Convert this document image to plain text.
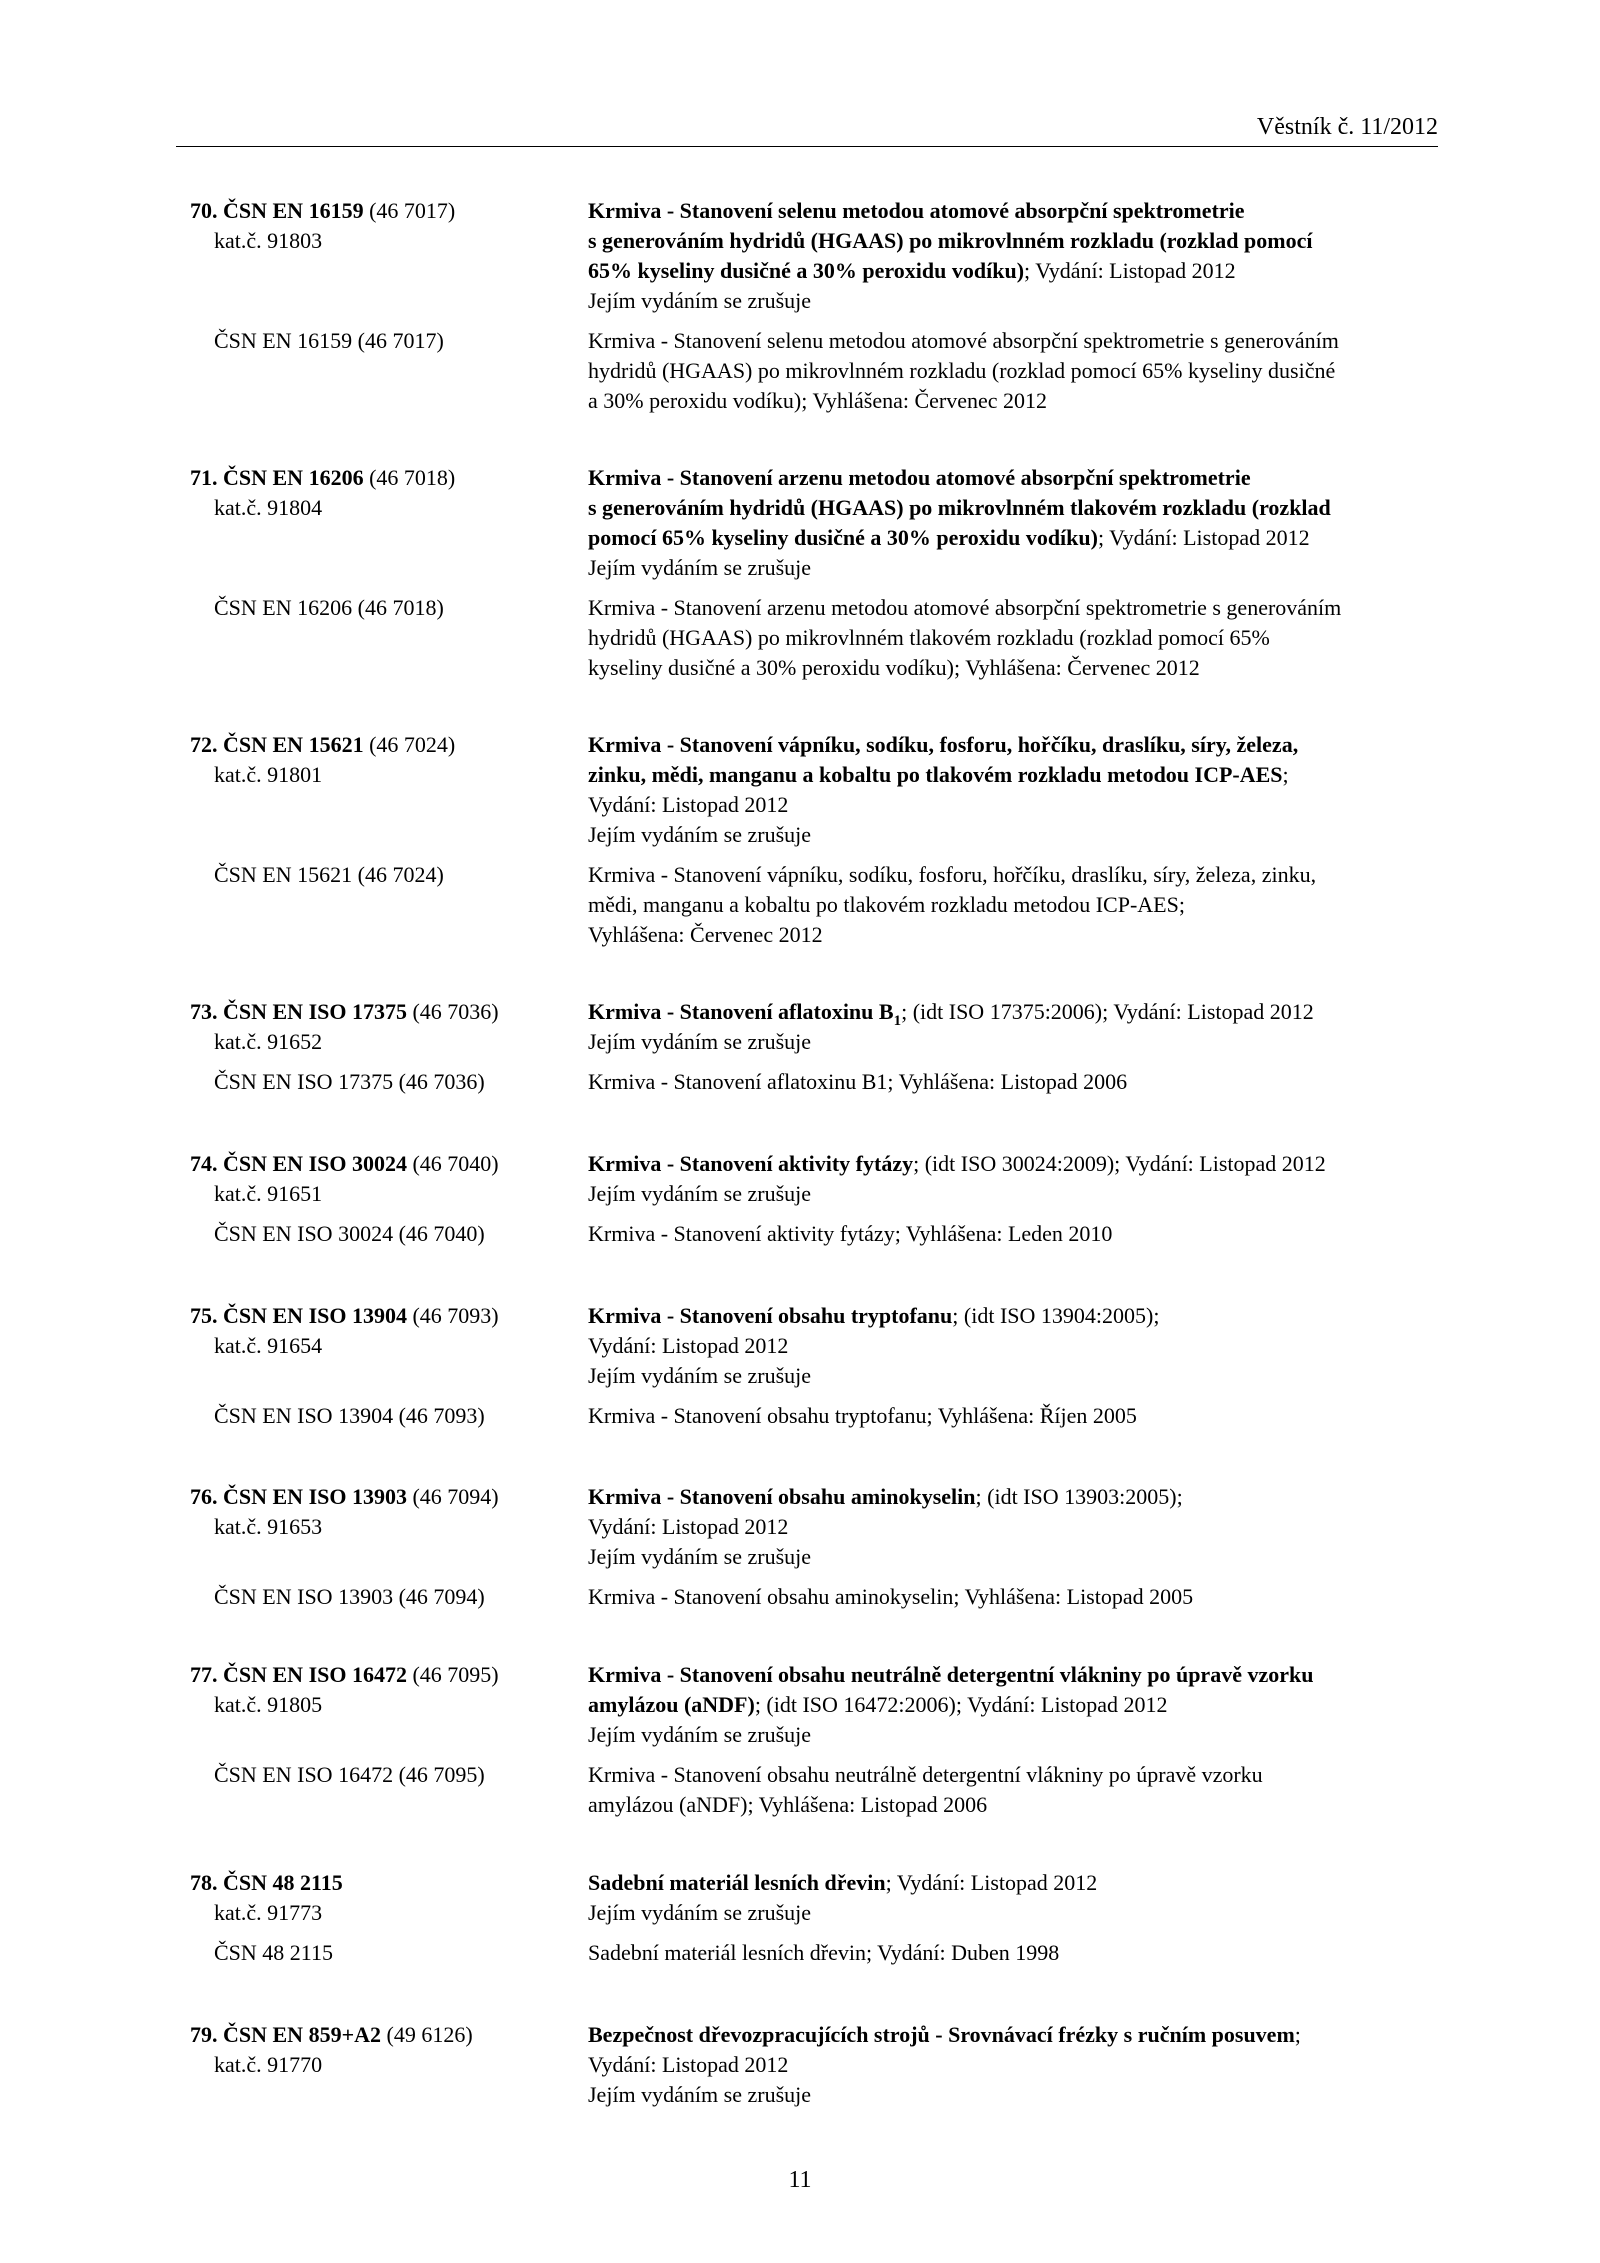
Věstník č. 11/2012
70. ČSN EN 16159 (46 7017)	Krmiva - Stanovení selenu metodou atomové absorpční spektrometrie
kat.č. 91803	s generováním hydridů (HGAAS) po mikrovlnném rozkladu (rozklad pomocí
65% kyseliny dusičné a 30% peroxidu vodíku); Vydání: Listopad 2012
Jejím vydáním se zrušuje
ČSN EN 16159 (46 7017)	Krmiva - Stanovení selenu metodou atomové absorpční spektrometrie s generováním
hydridů (HGAAS) po mikrovlnném rozkladu (rozklad pomocí 65% kyseliny dusičné
a 30% peroxidu vodíku); Vyhlášena: Červenec 2012
71. ČSN EN 16206 (46 7018)	Krmiva - Stanovení arzenu metodou atomové absorpční spektrometrie
kat.č. 91804	s generováním hydridů (HGAAS) po mikrovlnném tlakovém rozkladu (rozklad
pomocí 65% kyseliny dusičné a 30% peroxidu vodíku); Vydání: Listopad 2012
Jejím vydáním se zrušuje
ČSN EN 16206 (46 7018)	Krmiva - Stanovení arzenu metodou atomové absorpční spektrometrie s generováním
hydridů (HGAAS) po mikrovlnném tlakovém rozkladu (rozklad pomocí 65%
kyseliny dusičné a 30% peroxidu vodíku); Vyhlášena: Červenec 2012
72. ČSN EN 15621 (46 7024)	Krmiva - Stanovení vápníku, sodíku, fosforu, hořčíku, draslíku, síry, železa,
kat.č. 91801	zinku, mědi, manganu a kobaltu po tlakovém rozkladu metodou ICP-AES;
Vydání: Listopad 2012
Jejím vydáním se zrušuje
ČSN EN 15621 (46 7024)	Krmiva - Stanovení vápníku, sodíku, fosforu, hořčíku, draslíku, síry, železa, zinku,
mědi, manganu a kobaltu po tlakovém rozkladu metodou ICP-AES;
Vyhlášena: Červenec 2012
73. ČSN EN ISO 17375 (46 7036)	Krmiva - Stanovení aflatoxinu $B_1$; (idt ISO 17375:2006); Vydání: Listopad 2012
kat.č. 91652	Jejím vydáním se zrušuje
ČSN EN ISO 17375 (46 7036)	Krmiva - Stanovení aflatoxinu B1; Vyhlášena: Listopad 2006
74. ČSN EN ISO 30024 (46 7040)	Krmiva - Stanovení aktivity fytázy; (idt ISO 30024:2009); Vydání: Listopad 2012
kat.č. 91651	Jejím vydáním se zrušuje
ČSN EN ISO 30024 (46 7040)	Krmiva - Stanovení aktivity fytázy; Vyhlášena: Leden 2010
75. ČSN EN ISO 13904 (46 7093)	Krmiva - Stanovení obsahu tryptofanu; (idt ISO 13904:2005);
kat.č. 91654	Vydání: Listopad 2012
Jejím vydáním se zrušuje
ČSN EN ISO 13904 (46 7093)	Krmiva - Stanovení obsahu tryptofanu; Vyhlášena: Říjen 2005
76. ČSN EN ISO 13903 (46 7094)	Krmiva - Stanovení obsahu aminokyselin; (idt ISO 13903:2005);
kat.č. 91653	Vydání: Listopad 2012
Jejím vydáním se zrušuje
ČSN EN ISO 13903 (46 7094)	Krmiva - Stanovení obsahu aminokyselin; Vyhlášena: Listopad 2005
77. ČSN EN ISO 16472 (46 7095)	Krmiva - Stanovení obsahu neutrálně detergentní vlákniny po úpravě vzorku
kat.č. 91805	amylázou (aNDF); (idt ISO 16472:2006); Vydání: Listopad 2012
Jejím vydáním se zrušuje
ČSN EN ISO 16472 (46 7095)	Krmiva - Stanovení obsahu neutrálně detergentní vlákniny po úpravě vzorku
amylázou (aNDF); Vyhlášena: Listopad 2006
78. ČSN 48 2115	Sadební materiál lesních dřevin; Vydání: Listopad 2012
kat.č. 91773	Jejím vydáním se zrušuje
ČSN 48 2115	Sadební materiál lesních dřevin; Vydání: Duben 1998
79. ČSN EN 859+A2 (49 6126)	Bezpečnost dřevozpracujících strojů - Srovnávací frézky s ručním posuvem;
kat.č. 91770	Vydání: Listopad 2012
Jejím vydáním se zrušuje
11
